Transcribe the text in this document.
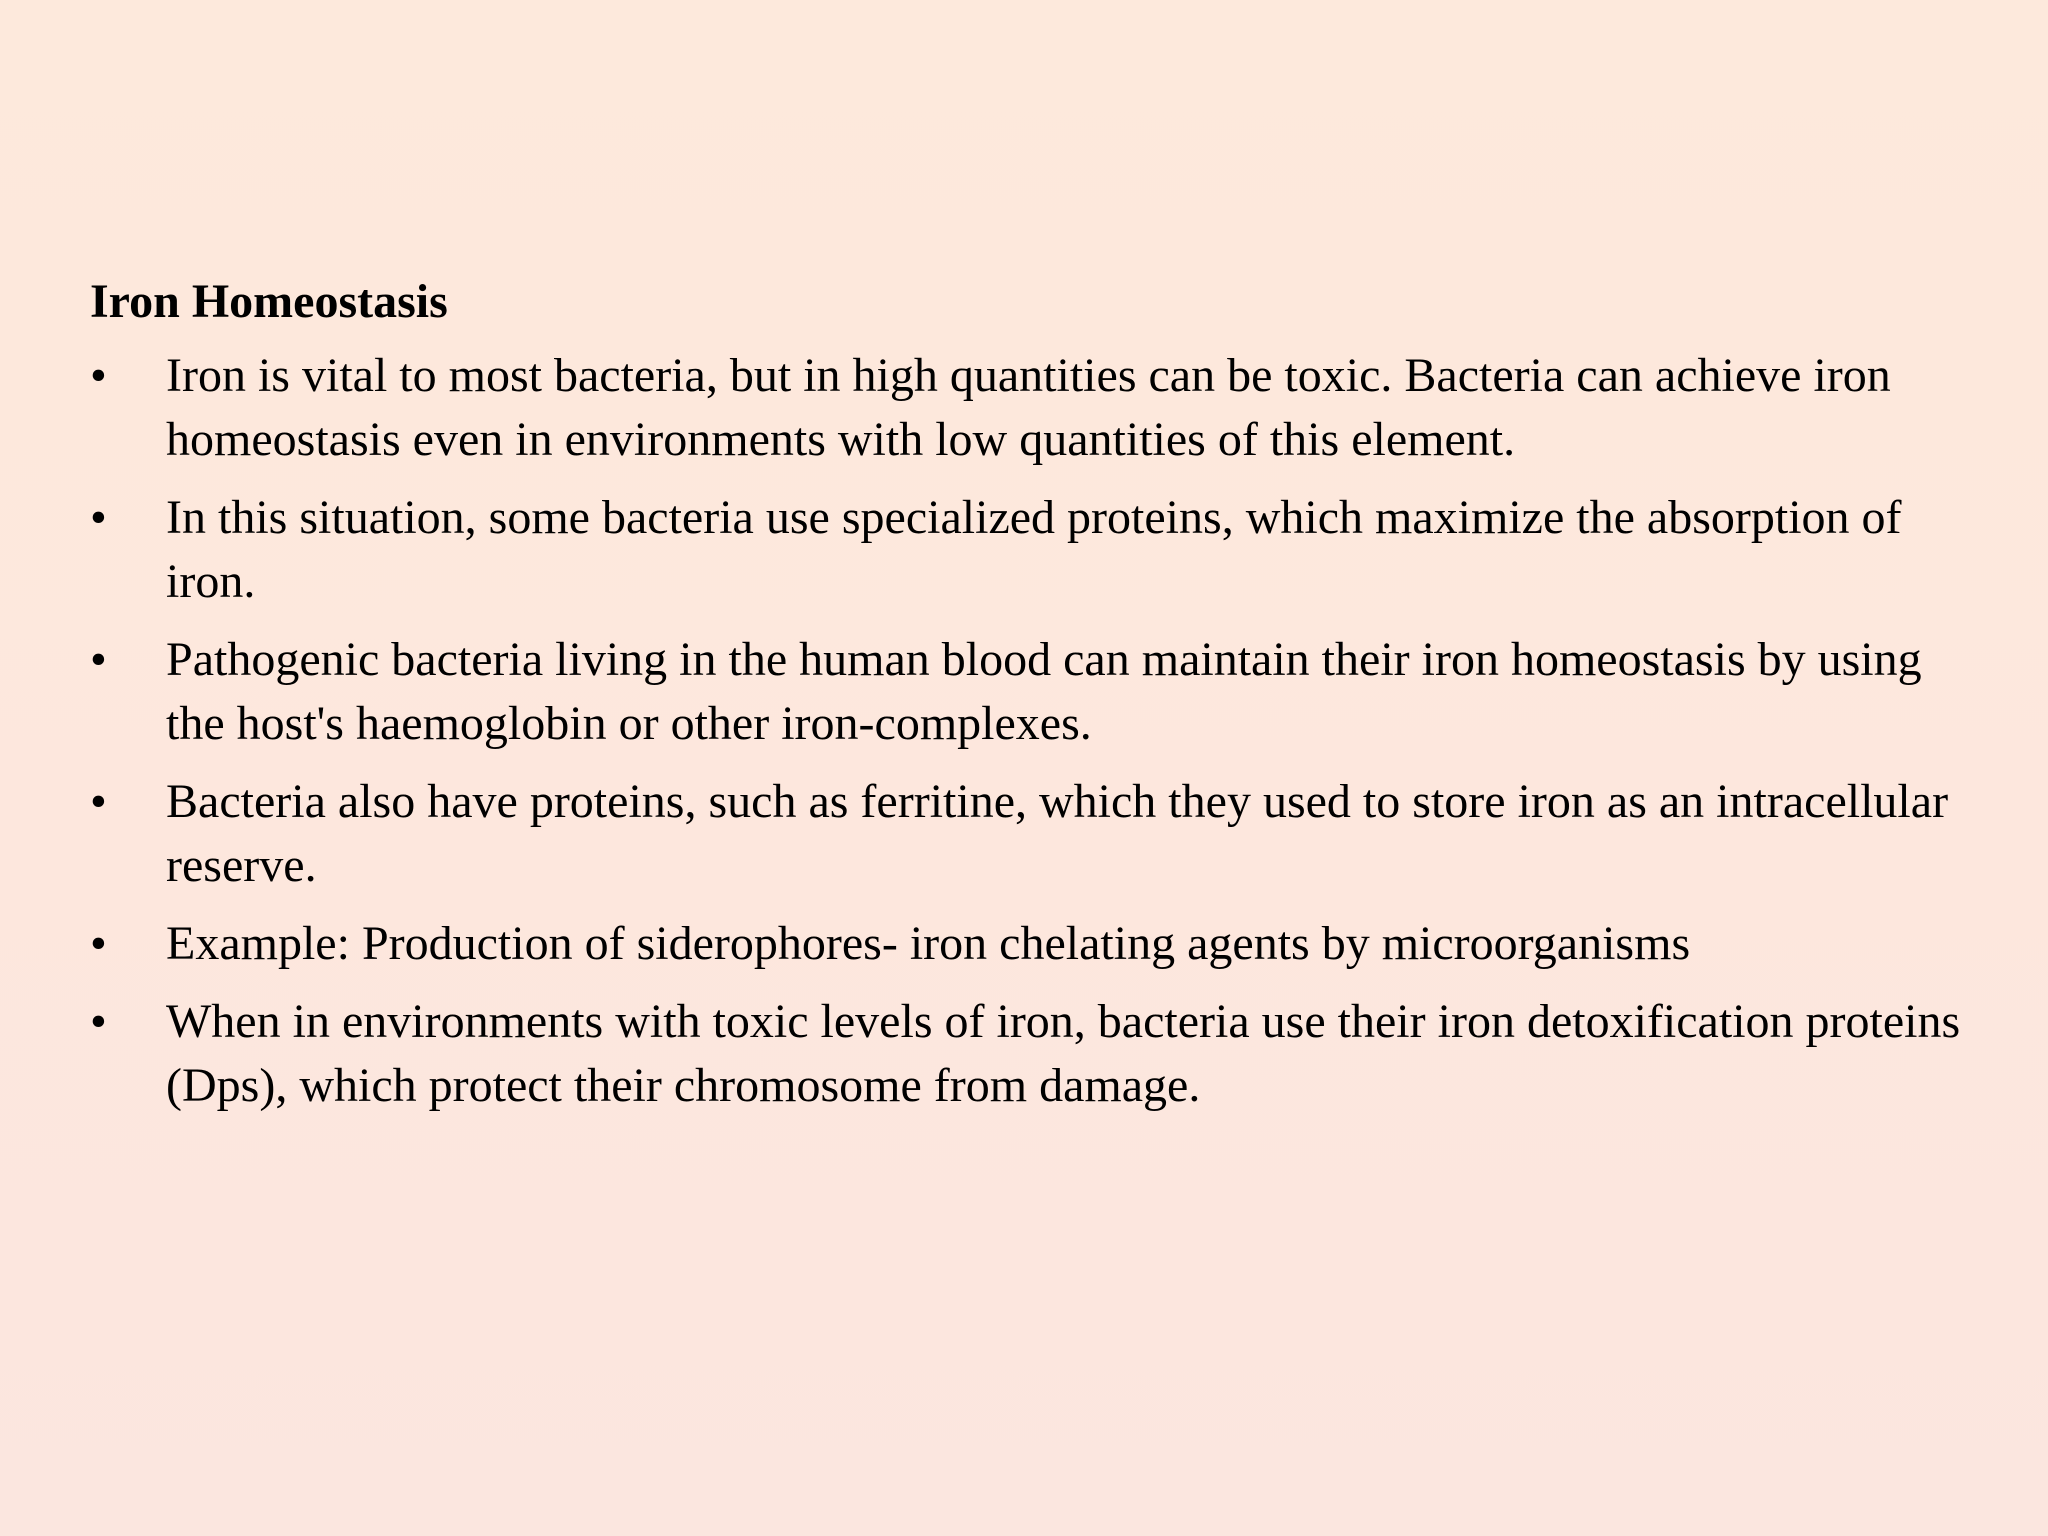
Iron Homeostasis
•	Iron is vital to most bacteria, but in high quantities can be toxic. Bacteria can achieve iron homeostasis even in environments with low quantities of this element.
•	In this situation, some bacteria use specialized proteins, which maximize the absorption of iron.
•	Pathogenic bacteria living in the human blood can maintain their iron homeostasis by using the host's haemoglobin or other iron-complexes.
•	Bacteria also have proteins, such as ferritine, which they used to store iron as an intracellular reserve.
•	Example: Production of siderophores- iron chelating agents by microorganisms
•	When in environments with toxic levels of iron, bacteria use their iron detoxification proteins (Dps), which protect their chromosome from damage.
